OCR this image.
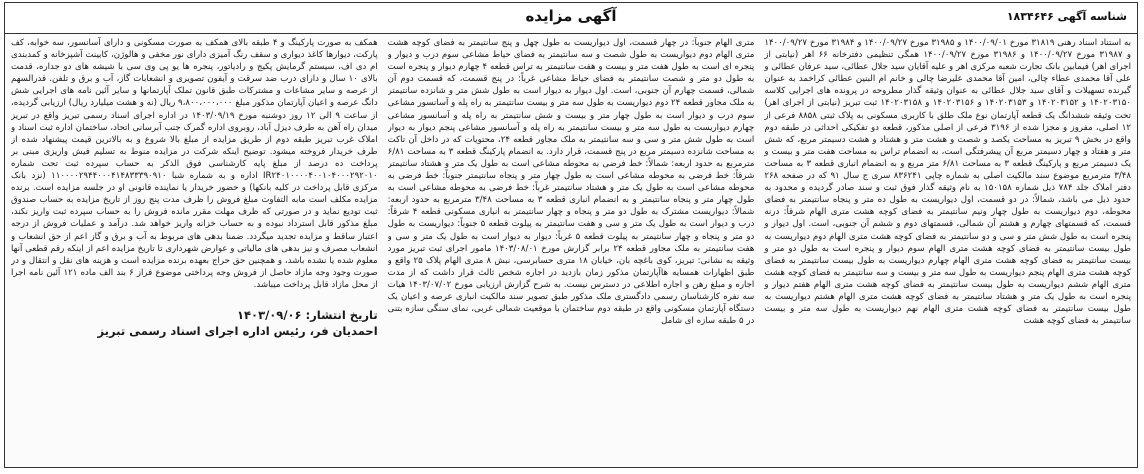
آگهی مزایده	شناسه آگهی ۱۸۳۴۶۴۶

به استناد اسناد رهنی ۳۱۸۱۹ مورخ ۱۴۰۰/۰۹/۰۱ و ۳۱۹۸۵ مورخ ۱۴۰۰/۰۹/۲۷ و ۳۱۹۸۴ مورخ ۱۴۰۰/۰۹/۲۷ و ۳۱۹۸۷ مورخ ۱۴۰۰/۰۹/۲۷ و ۳۱۹۸۶ مورخ ۱۴۰۰/۰۹/۲۷ همگی تنظیمی دفترخانه ۶۶ اهر (نیابتی از اجرای اهر) فیمابین بانک تجارت شعبه مرکزی اهر و علیه آقایان سید جلال عطائی، سید عرفان عطائی و علی آقا محمدی عطاء چالی، امین آقا محمدی علیرضا چالی و خانم ام البنین عطائی کراخمد به عنوان گیرنده تسهیلات و آقای سید جلال عطائی به عنوان وثیقه گذار مطروحه در پرونده های اجرایی کلاسه ۱۴۰۲۰۳۱۵۰ و ۱۴۰۲۰۳۱۵۲ و ۱۴۰۲۰۳۱۵۳ و ۱۴۰۲۰۳۱۵۶ و ۱۴۰۲۰۳۱۵۸ ثبت تبریز (نیابتی از اجرای اهر) تحت وثیقه ششدانگ یک قطعه آپارتمان نوع ملک طلق با کاربری مسکونی به پلاک ثبتی ۸۸۵۸ فرعی از ۱۲ اصلی، مفروز و مجزا شده از ۳۱۹۶ فرعی از اصلی مذکور، قطعه دو تفکیکی احداثی در طبقه دوم واقع در بخش ۹ تبریز به مساحت یکصد و شصت و هشت متر و هشتاد و هشت دسیمتر مربع، که شش متر و هفتاد و چهار دسیمتر مربع آن پیشرفتگی است، به انضمام تراس به مساحت هفت متر و بیست و یک دسیمتر مربع و پارکینگ قطعه ۳ به مساحت ۶/۸۱ متر مربع و به انضمام انباری قطعه ۳ به مساحت ۳/۴۸ مترمربع موضوع سند مالکیت اصلی به شماره چاپی ۸۳۶۲۴۱ سری ج سال ۹۱ که در صفحه ۲۶۸ دفتر املاک جلد ۷۸۴ ذیل شماره ۱۵۰۱۵۸ به نام وثیقه گذار فوق ثبت و سند صادر گردیده و محدود به حدود ذیل می باشد، شمالاً: در دو قسمت، اول دیواریست به طول ده متر و پنجاه سانتیمتر به فضای محوطه، دوم دیواریست به طول چهار ونیم سانتیمتر به فضای کوچه هشت متری الهام شرقاً: درنه قسمت، که قسمتهای چهارم و هشتم آن شمالی، قسمتهای دوم و ششم آن جنوبی، است. اول دیوار و پنجره است به طول شش متر و سی و دو سانتیمتر به فضای کوچه هشت متری الهام دوم دیواریست به طول بیست سانتیمتر به فضای کوچه هشت متری الهام سوم دیوار و پنجره است به طول دو متر و بیست سانتیمتر به فضای کوچه هشت متری الهام چهارم دیواریست به طول بیست سانتیمتر به فضای کوچه هشت متری الهام پنجم دیواریست به طول سه متر و بیست و سه سانتیمتر به فضای کوچه هشت متری الهام ششم دیواریست به طول بیست سانتیمتر به فضای کوچه هشت متری الهام هفتم دیوار و پنجره است به طول یک متر و هشتاد سانتیمتر به فضای کوچه هشت متری الهام هشتم دیواریست به طول بیست سانتیمتر به فضای کوچه هشت متری الهام نهم دیواریست به طول سه متر و بیست سانتیمتر به فضای کوچه هشت

متری الهام جنوباً: در چهار قسمت، اول دیواریست به طول چهل و پنج سانتیمتر به فضای کوچه هشت متری الهام دوم دیواریست به طول شصت و سه سانتیمتر به فضای حیاط مشاعی سوم درب و دیوار و پنجره ای است به طول هفت متر و بیست و هفت سانتیمتر به تراس قطعه ۴ چهارم دیوار و پنجره است به طول دو متر و شصت سانتیمتر به فضای حیاط مشاعی غرباً: در پنج قسمت، که قسمت دوم آن شمالی، قسمت چهارم آن جنوبی، است. اول دیوار به دیوار است به طول شش متر و شانزده سانتیمتر به ملک مجاور قطعه ۲۴ دوم دیواریست به طول سه متر و بیست سانتیمتر به راه پله و آسانسور مشاعی سوم درب و دیوار است به طول چهار متر و بیست و شش سانتیمتر به راه پله و آسانسور مشاعی چهارم دیواریست به طول سه متر و بیست سانتیمتر به راه پله و آسانسور مشاعی پنجم دیوار به دیوار است به طول شش متر و سی و سه سانتیمتر به ملک مجاور قطعه ۲۴، محتویات که در داخل آن تاکت به مساحت شانزده دسیمتر مربع در پنج قسمت، قرار دارد. به انضمام پارکینگ قطعه ۳ به مساحت ۶/۸۱ مترمربع به حدود اربعه: شمالاً: خط فرضی به محوطه مشاعی است به طول یک متر و هشتاد سانتیمتر شرقاً: خط فرضی به محوطه مشاعی است به طول چهار متر و پنجاه سانتیمتر جنوباً: خط فرضی به محوطه مشاعی است به طول یک متر و هشتاد سانتیمتر غرباً: خط فرضی به محوطه مشاعی است به طول چهار متر و پنجاه سانتیمتر و به انضمام انباری قطعه ۳ به مساحت ۳/۴۸ مترمربع به حدود اربعه: شمالاً: دیواریست مشترک به طول دو متر و پنجاه و چهار سانتیمتر به انباری مسکونی قطعه ۴ شرقاً: درب و دیوار است به طول یک متر و سی و هفت سانتیمتر به پیلوت قطعه ۵ جنوباً: دیواریست به طول دو متر و پنجاه و چهار سانتیمتر به پیلوت قطعه ۵ غرباً: دیوار به دیوار است به طول یک متر و سی و هفت سانتیمتر به ملک مجاور قطعه ۲۴ برابر گزارش مورخ ۱۴۰۳/۰۸/۰۱ مامور اجرای ثبت تبریز مورد وثیقه به نشانی: تبریز، کوی باغچه بان، خیابان ۱۸ متری حسابرسی، نبش ۸ متری الهام پلاک ۲۵ واقع و طبق اظهارات همسایه هاآپارتمان مذکور زمان بازدید در اجاره شخص ثالث قرار داشت که از مدت اجاره و مبلغ رهن و اجاره اطلاعی در دسترس نیست. به شرح گزارش ارزیابی مورخ ۱۴۰۳/۰۷/۰۲ هیات سه نفره کارشناسان رسمی دادگستری ملک مذکور طبق تصویر سند مالکیت انباری عرصه و اعیان یک دستگاه آپارتمان مسکونی واقع در طبقه دوم ساختمان با موقعیت شمالی غربی، نمای سنگی سازه بتنی در ۵ طبقه سازه ای شامل

همکف به صورت پارکینگ و ۴ طبقه بالای همکف به صورت مسکونی و دارای آسانسور، سه خوابه، کف پارکت، دیوارها کاغذ دیواری و سقف رنگ آمیزی دارای نور مخفی و هالوژن، کابینت آشپزخانه و کمدبندی ام دی اف، سیستم گرمایش پکیج و رادیاتور، پنجره ها یو پی وی سی با شیشه های دو جداره، قدمت بالای ۱۰ سال و دارای درب ضد سرقت و آیفون تصویری و انشعابات گاز، آب و برق و تلفن. قدرالسهم از عرصه و سایر مشاعات و مشترکات طبق قانون تملک آپارتمانها و سایر آئین نامه های اجرایی شش دانگ عرصه و اعیان آپارتمان مذکور مبلغ ۹،۸۰۰،۰۰۰،۰۰۰ ریال (نه و هشت میلیارد ریال) ارزیابی گردیده، از ساعت ۹ الی ۱۲ روز دوشنبه مورخ ۱۴۰۳/۰۹/۱۹ در اداره اجرای اسناد رسمی تبریز واقع در تبریز میدان راه آهن به طرف دیزل آباد، روبروی اداره گمرک جنب آبرسانی اتحاد، ساختمان اداره ثبت اسناد و املاک غرب تبریز طبقه دوم از طریق مزایده از مبلغ بالا شروع و به بالاترین قیمت پیشنهاد شده از طرف خریدار فروخته میشود. توضیح اینکه شرکت در مزایده منوط به تسلیم فیش واریزی مبنی بر پرداخت ده درصد از مبلغ پایه کارشناسی فوق الذکر به حساب سپرده ثبت تحت شماره IR۲۴۰۱۰۰۰۰۴۰۰۱۰۴۰۰۰۲۹۲۰۱۰ اداره و به شماره شبا ۱۱۰۰۰۰۲۹۴۴۰۰۰۴۱۴۸۳۳۳۹۰۹۱۰ (نزد بانک مرکزی قابل پرداخت در کلیه بانکها) و حضور خریدار یا نماینده قانونی او در جلسه مزایده است. برنده مزایده مکلف است مابه التفاوت مبلغ فروش را ظرف مدت پنج روز از تاریخ مزایده به حساب صندوق ثبت تودیع نماید و در صورتی که ظرف مهلت مقرر مانده فروش را به حساب سپرده ثبت واریز نکند، مبلغ مذکور قابل استرداد نبوده و به حساب خزانه واریز خواهد شد. درآمد و عملیات فروش از درجه اعتبار ساقط و مزایده تجدید میگردد. ضمنا بدهی های مربوط به آب و برق و گاز اعم از حق انشعاب و انشعاب مصرف و نیز بدهی های مالیاتی و عوارض شهرداری تا تاریخ مزایده اعم از اینکه رقم قطعی آنها معلوم شده یا نشده باشد، و همچنین حق حراج بعهده برنده مزایده است و هزینه های نقل و انتقال و در صورت وجود وجه مازاد حاصل از فروش وجه پرداختی موضوع فراز ۶ بند الف ماده ۱۲۱ آئین نامه اجرا از محل مازاد قابل پرداخت میباشد.

تاریخ انتشار: ۱۴۰۳/۰۹/۰۶
احمدیان فر، رئیس اداره اجرای اسناد رسمی تبریز
